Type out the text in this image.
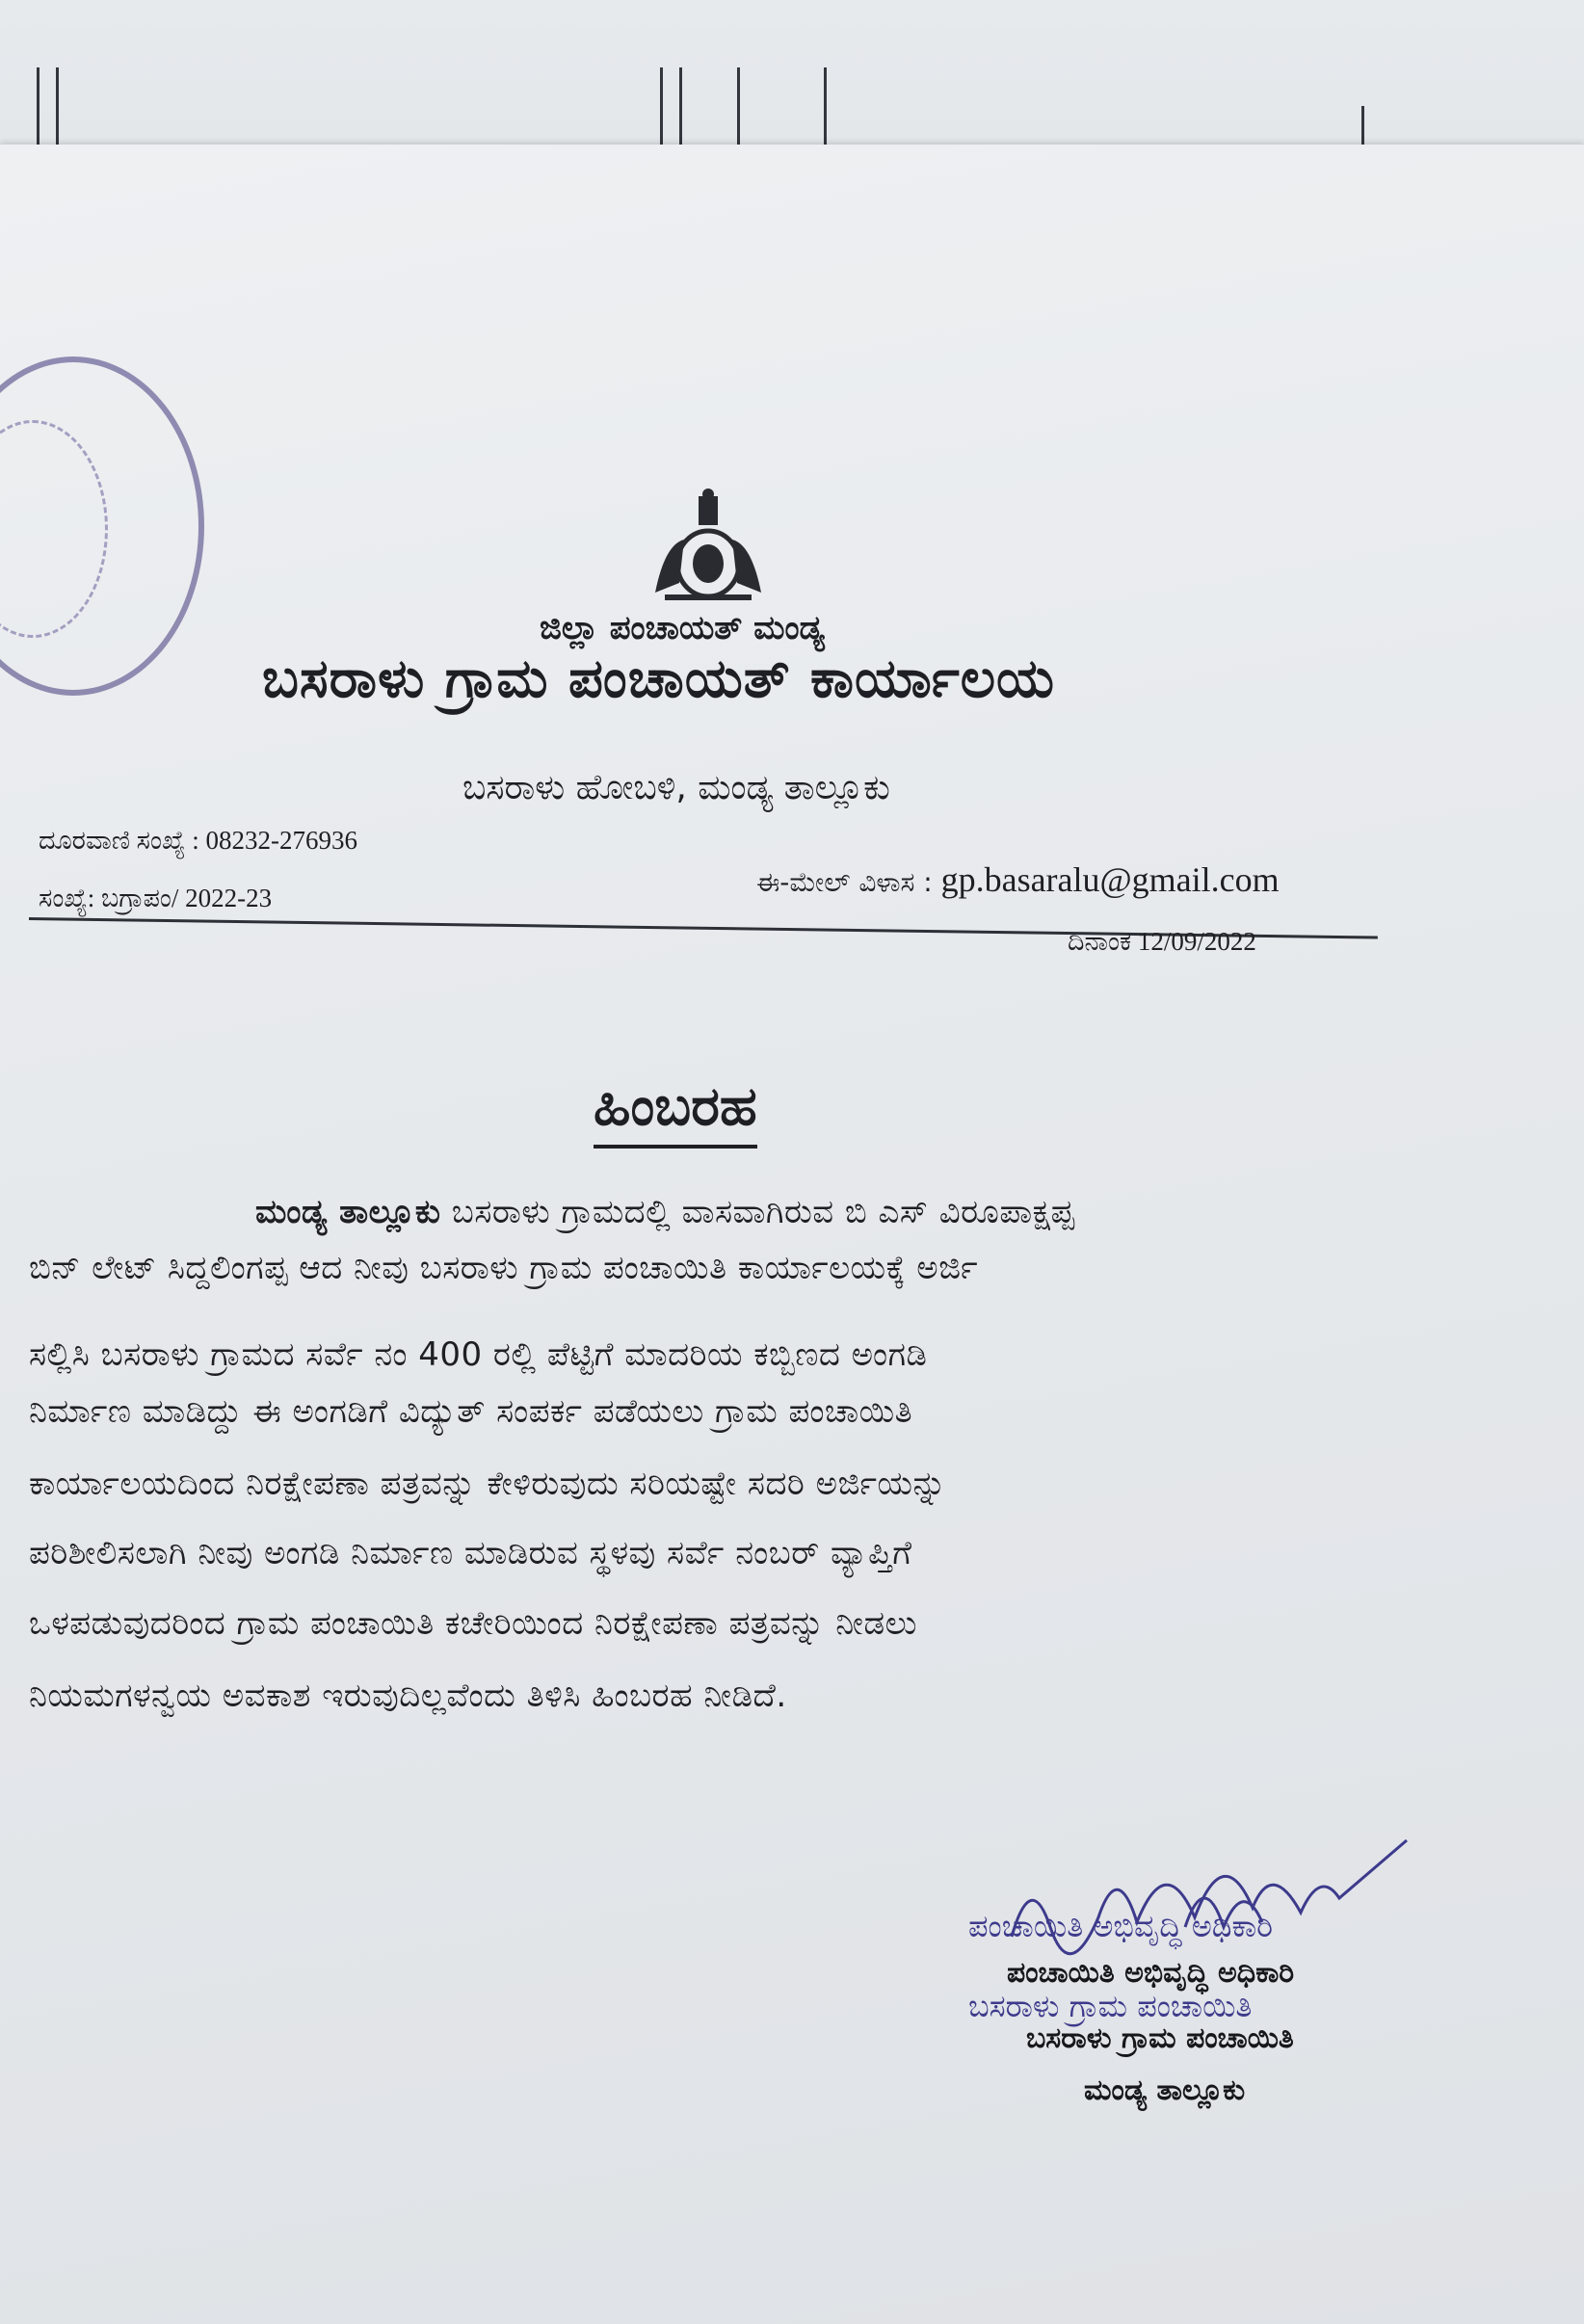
ಜಿಲ್ಲಾ ಪಂಚಾಯತ್ ಮಂಡ್ಯ
ಬಸರಾಳು ಗ್ರಾಮ ಪಂಚಾಯತ್ ಕಾರ್ಯಾಲಯ
ಬಸರಾಳು ಹೋಬಳಿ, ಮಂಡ್ಯ ತಾಲ್ಲೂಕು
ದೂರವಾಣಿ ಸಂಖ್ಯೆ : 08232-276936
ಈ-ಮೇಲ್ ವಿಳಾಸ : gp.basaralu@gmail.com
ಸಂಖ್ಯೆ: ಬಗ್ರಾಪಂ/ 2022-23
ದಿನಾಂಕ 12/09/2022
ಹಿಂಬರಹ
ಮಂಡ್ಯ ತಾಲ್ಲೂಕು ಬಸರಾಳು ಗ್ರಾಮದಲ್ಲಿ ವಾಸವಾಗಿರುವ ಬಿ ಎಸ್ ವಿರೂಪಾಕ್ಷಪ್ಪ
ಬಿನ್ ಲೇಟ್ ಸಿದ್ದಲಿಂಗಪ್ಪ ಆದ ನೀವು ಬಸರಾಳು ಗ್ರಾಮ ಪಂಚಾಯಿತಿ ಕಾರ್ಯಾಲಯಕ್ಕೆ ಅರ್ಜಿ
ಸಲ್ಲಿಸಿ ಬಸರಾಳು ಗ್ರಾಮದ ಸರ್ವೆ ನಂ 400 ರಲ್ಲಿ ಪೆಟ್ಟಿಗೆ ಮಾದರಿಯ ಕಬ್ಬಿಣದ ಅಂಗಡಿ
ನಿರ್ಮಾಣ ಮಾಡಿದ್ದು ಈ ಅಂಗಡಿಗೆ ವಿದ್ಯುತ್ ಸಂಪರ್ಕ ಪಡೆಯಲು ಗ್ರಾಮ ಪಂಚಾಯಿತಿ
ಕಾರ್ಯಾಲಯದಿಂದ ನಿರಕ್ಷೇಪಣಾ ಪತ್ರವನ್ನು ಕೇಳಿರುವುದು ಸರಿಯಷ್ಟೇ ಸದರಿ ಅರ್ಜಿಯನ್ನು
ಪರಿಶೀಲಿಸಲಾಗಿ ನೀವು ಅಂಗಡಿ ನಿರ್ಮಾಣ ಮಾಡಿರುವ ಸ್ಥಳವು ಸರ್ವೆ ನಂಬರ್ ವ್ಯಾಪ್ತಿಗೆ
ಒಳಪಡುವುದರಿಂದ ಗ್ರಾಮ ಪಂಚಾಯಿತಿ ಕಚೇರಿಯಿಂದ ನಿರಕ್ಷೇಪಣಾ ಪತ್ರವನ್ನು ನೀಡಲು
ನಿಯಮಗಳನ್ವಯ ಅವಕಾಶ ಇರುವುದಿಲ್ಲವೆಂದು ತಿಳಿಸಿ ಹಿಂಬರಹ ನೀಡಿದೆ.
ಪಂಚಾಯಿತಿ ಅಭಿವೃದ್ಧಿ ಅಧಿಕಾರಿ
ಪಂಚಾಯಿತಿ ಅಭಿವೃದ್ಧಿ ಅಧಿಕಾರಿ
ಬಸರಾಳು ಗ್ರಾಮ ಪಂಚಾಯಿತಿ
ಬಸರಾಳು ಗ್ರಾಮ ಪಂಚಾಯಿತಿ
ಮಂಡ್ಯ ತಾಲ್ಲೂಕು
